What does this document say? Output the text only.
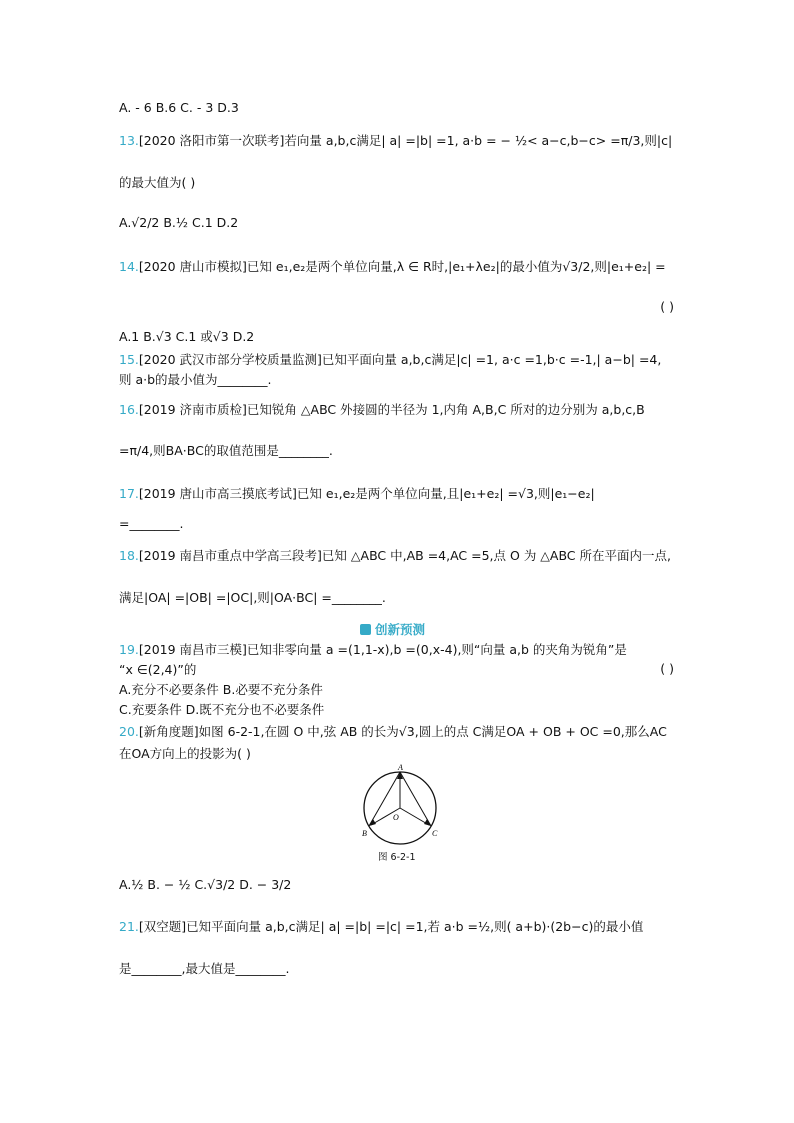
A. - 6 B.6 C. - 3 D.3
13.[2020 洛阳市第一次联考]若向量 a,b,c满足| a| =|b| =1, a·b = − ½< a−c,b−c> =π/3,则|c|
的最大值为( )
A.√2/2 B.½ C.1 D.2
14.[2020 唐山市模拟]已知 e₁,e₂是两个单位向量,λ ∈ R时,|e₁+λe₂|的最小值为√3/2,则|e₁+e₂| =
( )
A.1 B.√3 C.1 或√3 D.2
15.[2020 武汉市部分学校质量监测]已知平面向量 a,b,c满足|c| =1, a·c =1,b·c =-1,| a−b| =4,
则 a·b的最小值为________.
16.[2019 济南市质检]已知锐角 △ABC 外接圆的半径为 1,内角 A,B,C 所对的边分别为 a,b,c,B
=π/4,则BA·BC的取值范围是________.
17.[2019 唐山市高三摸底考试]已知 e₁,e₂是两个单位向量,且|e₁+e₂| =√3,则|e₁−e₂|
=________.
18.[2019 南昌市重点中学高三段考]已知 △ABC 中,AB =4,AC =5,点 O 为 △ABC 所在平面内一点,
满足|OA| =|OB| =|OC|,则|OA·BC| =________.
创新预测
19.[2019 南昌市三模]已知非零向量 a =(1,1-x),b =(0,x-4),则“向量 a,b 的夹角为锐角”是
“x ∈(2,4)”的	( )
A.充分不必要条件 B.必要不充分条件
C.充要条件 D.既不充分也不必要条件
20.[新角度题]如图 6-2-1,在圆 O 中,弦 AB 的长为√3,圆上的点 C满足OA + OB + OC =0,那么AC
在OA方向上的投影为( )
A
B	C
O
图 6-2-1
A.½ B. − ½ C.√3/2 D. − 3/2
21.[双空题]已知平面向量 a,b,c满足| a| =|b| =|c| =1,若 a·b =½,则( a+b)·(2b−c)的最小值
是________,最大值是________.
